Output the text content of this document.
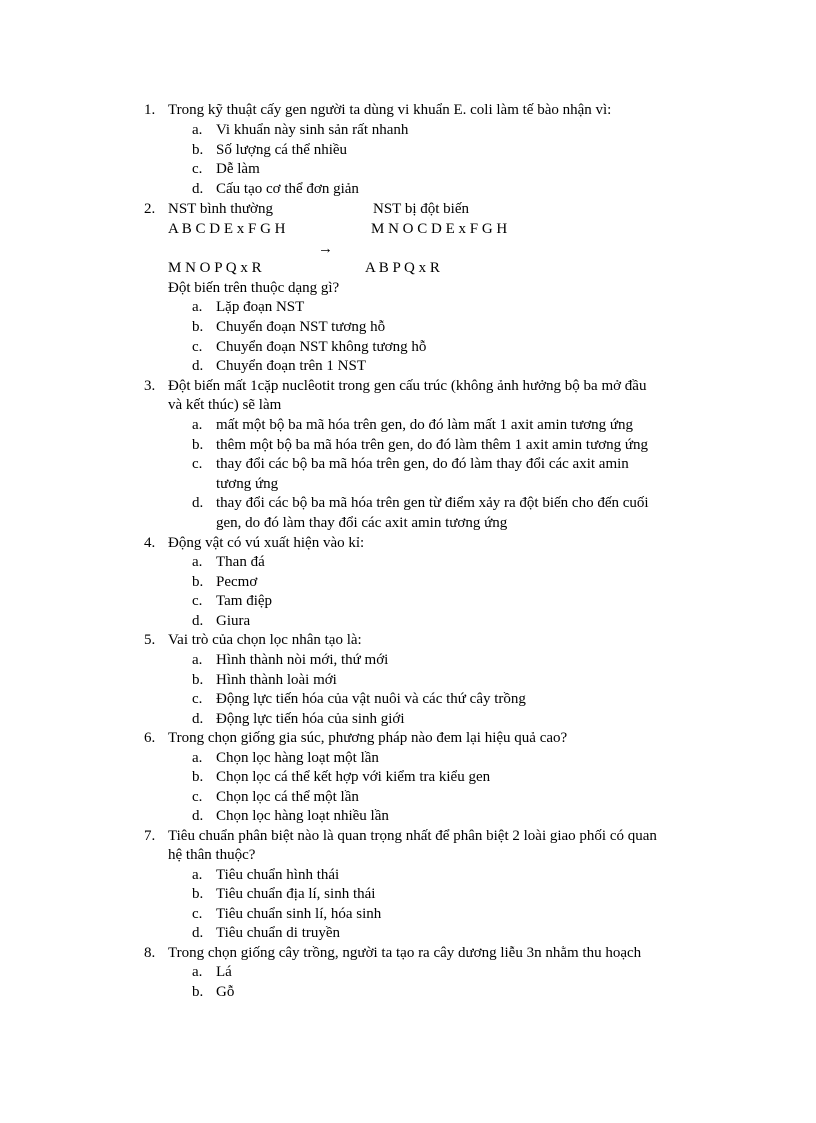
1. Trong kỹ thuật cấy gen người ta dùng vi khuẩn E. coli làm tế bào nhận vì:
a. Vi khuẩn này sinh sản rất nhanh
b. Số lượng cá thể nhiều
c. Dễ làm
d. Cấu tạo cơ thể đơn giản
2. NST bình thường	NST bị đột biến
A B C D E x F G H	M N O C D E x F G H
→
M N O P Q x R	A B P Q x R
Đột biến trên thuộc dạng gì?
a. Lặp đoạn NST
b. Chuyển đoạn NST tương hỗ
c. Chuyển đoạn NST không tương hỗ
d. Chuyển đoạn trên 1 NST
3. Đột biến mất 1cặp nuclêotit trong gen cấu trúc (không ảnh hưởng bộ ba mở đầu
và kết thúc) sẽ làm
a. mất một bộ ba mã hóa trên gen, do đó làm mất 1 axit amin tương ứng
b. thêm một bộ ba mã hóa trên gen, do đó làm thêm 1 axit amin tương ứng
c. thay đổi các bộ ba mã hóa trên gen, do đó làm thay đổi các axit amin
tương ứng
d. thay đổi các bộ ba mã hóa trên gen từ điểm xảy ra đột biến cho đến cuối
gen, do đó làm thay đổi các axit amin tương ứng
4. Động vật có vú xuất hiện vào kỉ:
a. Than đá
b. Pecmơ
c. Tam điệp
d. Giura
5. Vai trò của chọn lọc nhân tạo là:
a. Hình thành nòi mới, thứ mới
b. Hình thành loài mới
c. Động lực tiến hóa của vật nuôi và các thứ cây trồng
d. Động lực tiến hóa của sinh giới
6. Trong chọn giống gia súc, phương pháp nào đem lại hiệu quả cao?
a. Chọn lọc hàng loạt một lần
b. Chọn lọc cá thể kết hợp với kiểm tra kiểu gen
c. Chọn lọc cá thể một lần
d. Chọn lọc hàng loạt nhiều lần
7. Tiêu chuẩn phân biệt nào là quan trọng nhất để phân biệt 2 loài giao phối có quan
hệ thân thuộc?
a. Tiêu chuẩn hình thái
b. Tiêu chuẩn địa lí, sinh thái
c. Tiêu chuẩn sinh lí, hóa sinh
d. Tiêu chuẩn di truyền
8. Trong chọn giống cây trồng, người ta tạo ra cây dương liễu 3n nhằm thu hoạch
a. Lá
b. Gỗ
